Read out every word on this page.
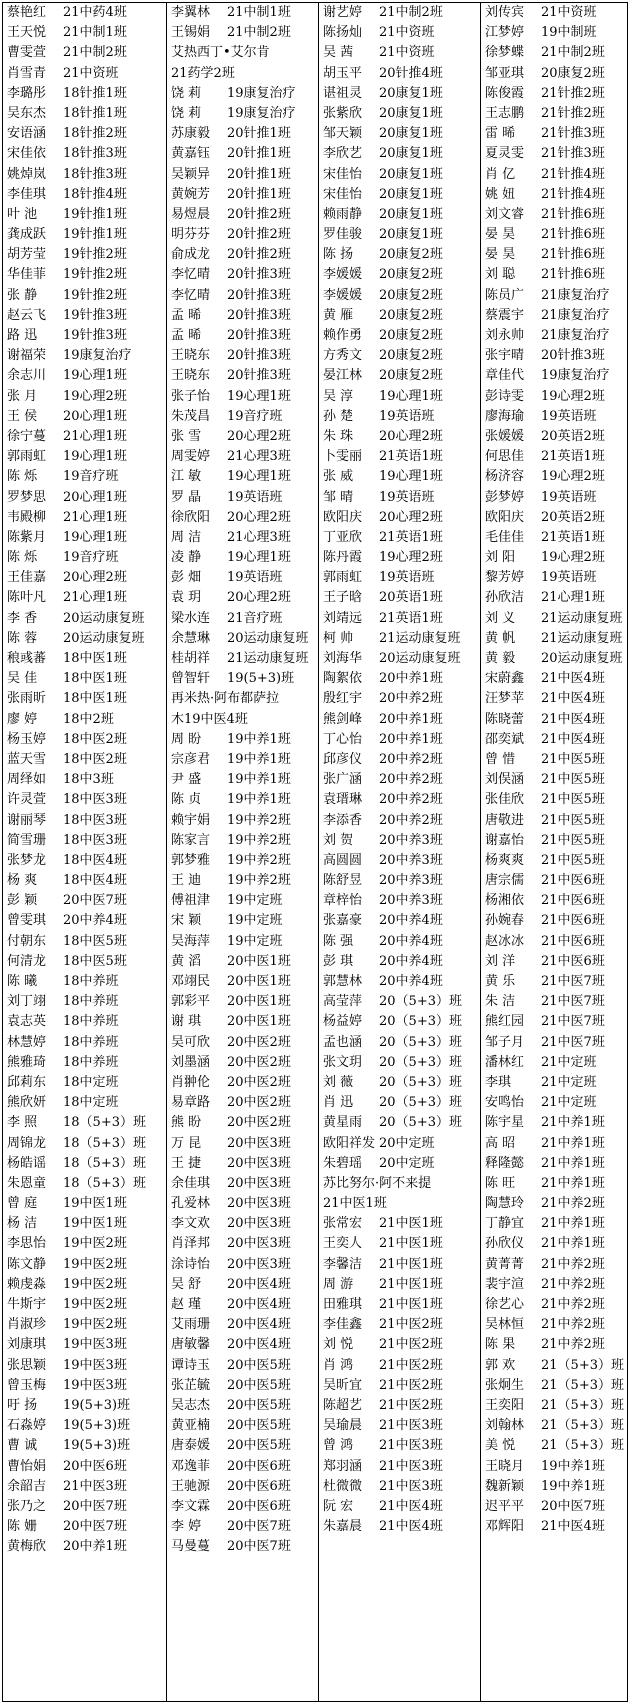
蔡艳红 21中药4班
王天悦 21中制1班
曹雯萱 21中制2班
肖雪青 21中资班
李璐彤 18针推1班
吴东杰 18针推1班
安语涵 18针推2班
宋佳依 18针推3班
姚焯岚 18针推3班
李佳琪 18针推4班
叶 池 19针推1班
龚成跃 19针推1班
胡芳莹 19针推2班
华佳菲 19针推2班
张 静 19针推2班
赵云飞 19针推3班
路 迅 19针推3班
谢福荣 19康复治疗
余志川 19心理1班
张 月 19心理2班
王 侯 20心理1班
徐宁蔓 21心理1班
郭雨虹 19心理1班
陈 烁 19音疗班
罗梦思 20心理1班
韦殿柳 21心理1班
陈紫月 19心理1班
陈 烁 19音疗班
王佳嘉 20心理2班
陈叶凡 21心理1班
李 香 20运动康复班
陈 蓉 20运动康复班
稂彧蕃 18中医1班
吴 佳 18中医1班
张雨昕 18中医1班
廖 婷 18中2班
杨玉婷 18中医2班
蓝天雪 18中医2班
周绎如 18中3班
许灵萱 18中医3班
谢丽琴 18中医3班
简雪珊 18中医3班
张梦龙 18中医4班
杨 爽 18中医4班
彭 颖 20中医7班
曾雯琪 20中养4班
付朝东 18中医5班
何清龙 18中医5班
陈 曦 18中养班
刘丁翊 18中养班
袁志英 18中养班
林慧婷 18中养班
熊雅琦 18中养班
邱莉东 18中定班
熊欣妍 18中定班
李 照 18（5+3）班
周锦龙 18（5+3）班
杨皓谣 18（5+3）班
朱恩童 18（5+3）班
曾 庭 19中医1班
杨 洁 19中医1班
李思怡 19中医2班
陈文静 19中医2班
赖虔淼 19中医2班
牛斯宇 19中医2班
肖淑珍 19中医2班
刘康琪 19中医3班
张思颖 19中医3班
曾玉梅 19中医3班
吁 扬 19(5+3)班
石淼婷 19(5+3)班
曹 诚 19(5+3)班
曹怡娟 20中医6班
余韶吉 21中医3班
张乃之 20中医7班
陈 姗 20中医7班
黄梅欣 20中养1班
李翼林 21中制1班
王锡娟 21中制2班
艾热西丁•艾尔肯
21药学2班
饶 莉 19康复治疗
饶 莉 19康复治疗
苏康毅 20针推1班
黄嘉钰 20针推1班
吴颖异 20针推1班
黄婉芳 20针推1班
易煜晨 20针推2班
明芬芬 20针推2班
俞成龙 20针推2班
李忆晴 20针推3班
李忆晴 20针推3班
孟 晞 20针推3班
孟 晞 20针推3班
王晓东 20针推3班
王晓东 20针推3班
张子怡 19心理1班
朱茂昌 19音疗班
张 雪 20心理2班
周雯婷 21心理3班
江 敏 19心理1班
罗 晶 19英语班
徐欣阳 20心理2班
周 洁 21心理3班
凌 静 19心理1班
彭 畑 19英语班
袁 玥 20心理2班
梁水连 21音疗班
余慧琳 20运动康复班
桂胡祥 21运动康复班
曾智轩 19(5+3)班
再米热·阿布都萨拉
木19中医4班
周 盼 19中养1班
宗彦君 19中养1班
尹 盛 19中养1班
陈 贞 19中养1班
赖宇娟 19中养2班
陈家言 19中养2班
郭梦雅 19中养2班
王 迪 19中养2班
傅祖津 19中定班
宋 颖 19中定班
吴海萍 19中定班
黄 滔 20中医1班
邓翊民 20中医1班
郭彩平 20中医1班
谢 琪 20中医1班
吴可欣 20中医2班
刘墨涵 20中医2班
肖翀伦 20中医2班
易章路 20中医2班
熊 盼 20中医2班
万 昆 20中医3班
王 捷 20中医3班
余佳琪 20中医3班
孔爱林 20中医3班
李文欢 20中医3班
肖泽邦 20中医3班
涂诗怡 20中医3班
吴 舒 20中医4班
赵 瑾 20中医4班
艾雨珊 20中医4班
唐敏馨 20中医4班
谭诗玉 20中医5班
张芷毓 20中医5班
吴志杰 20中医5班
黄亚楠 20中医5班
唐泰媛 20中医5班
邓逸菲 20中医6班
王驰源 20中医6班
李文霖 20中医6班
李 婷 20中医7班
马曼蔓 20中医7班
谢艺婷 21中制2班
陈扬灿 21中资班
吴 茜 21中资班
胡玉平 20针推4班
谌祖灵 20康复1班
张紫欣 20康复1班
邹天颖 20康复1班
李欣艺 20康复1班
宋佳怡 20康复1班
宋佳怡 20康复1班
赖雨静 20康复1班
罗佳骏 20康复1班
陈 扬 20康复2班
李媛媛 20康复2班
李媛媛 20康复2班
黄 雁 20康复2班
赖作勇 20康复2班
方秀文 20康复2班
晏江林 20康复2班
吴 淳 19心理1班
孙 楚 19英语班
朱 珠 20心理2班
卜雯丽 21英语1班
张 威 19心理1班
邹 晴 19英语班
欧阳庆 20心理2班
丁亚欣 21英语1班
陈丹霞 19心理2班
郭雨虹 19英语班
王子晗 20英语1班
刘靖远 21英语1班
柯 帅 21运动康复班
刘海华 20运动康复班
陶絮依 20中养1班
殷红宇 20中养2班
熊剑峰 20中养1班
丁心怡 20中养1班
邱彦仪 20中养2班
张广涵 20中养2班
袁瑨琳 20中养2班
李添香 20中养2班
刘 贺 20中养3班
高圆圆 20中养3班
陈舒昱 20中养3班
章梓怡 20中养3班
张嘉豪 20中养4班
陈 强 20中养4班
彭 琪 20中养4班
郭慧林 20中养4班
高莹萍 20（5+3）班
杨益婷 20（5+3）班
孟也涵 20（5+3）班
张文玥 20（5+3）班
刘 薇 20（5+3）班
肖 迅 20（5+3）班
黄星雨 20（5+3）班
欧阳祥发 20中定班
朱碧瑶 20中定班
苏比努尔·阿不来提
21中医1班
张常宏 21中医1班
王奕人 21中医1班
李馨洁 21中医1班
周 游 21中医1班
田雅琪 21中医1班
李佳鑫 21中医2班
刘 悦 21中医2班
肖 鸿 21中医2班
吴昕宜 21中医2班
陈超艺 21中医2班
吴瑜晨 21中医3班
曾 鸿 21中医3班
郑羽涵 21中医3班
杜微微 21中医3班
阮 宏 21中医4班
朱嘉晨 21中医4班
刘传宾 21中资班
江梦婷 19中制班
徐梦蝶 21中制2班
邹亚琪 20康复2班
陈俊霞 21针推2班
王志鹏 21针推2班
雷 晞 21针推3班
夏灵雯 21针推3班
肖 亿 21针推4班
姚 妞 21针推4班
刘文睿 21针推6班
晏 昊 21针推6班
晏 昊 21针推6班
刘 聪 21针推6班
陈员广 21康复治疗
蔡震宇 21康复治疗
刘永帅 21康复治疗
张宇晴 20针推3班
章佳代 19康复治疗
彭诗雯 19心理2班
廖海瑜 19英语班
张媛媛 20英语2班
何思佳 21英语1班
杨济容 19心理2班
彭梦婷 19英语班
欧阳庆 20英语2班
毛佳佳 21英语1班
刘 阳 19心理2班
黎芳婷 19英语班
孙欣洁 21心理1班
刘 义 21运动康复班
黄 帆 21运动康复班
黄 毅 20运动康复班
宋蔚鑫 21中医4班
汪梦苹 21中医4班
陈晓蕾 21中医4班
邵奕斌 21中医4班
曾 惜 21中医5班
刘俣涵 21中医5班
张佳欣 21中医5班
唐敬进 21中医5班
谢嘉怡 21中医5班
杨爽爽 21中医5班
唐宗儒 21中医6班
杨湘依 21中医6班
孙婉春 21中医6班
赵冰冰 21中医6班
刘 洋 21中医6班
黄 乐 21中医7班
朱 洁 21中医7班
熊红园 21中医7班
邹子月 21中医7班
潘林红 21中定班
李琪 21中定班
安鸣怡 21中定班
陈宇星 21中养1班
高 昭 21中养1班
释隆懿 21中养1班
陈 旺 21中养1班
陶慧玲 21中养2班
丁静宜 21中养1班
孙欣仪 21中养1班
黄菁菁 21中养2班
裴宇渲 21中养2班
徐艺心 21中养2班
吴林恒 21中养2班
陈 果 21中养2班
郭 欢 21（5+3）班
张炯生 21（5+3）班
王奕阳 21（5+3）班
刘翰林 21（5+3）班
美 悦 21（5+3）班
王晓月 19中养1班
魏新颖 19中养1班
迟平平 20中医7班
邓辉阳 21中医4班
